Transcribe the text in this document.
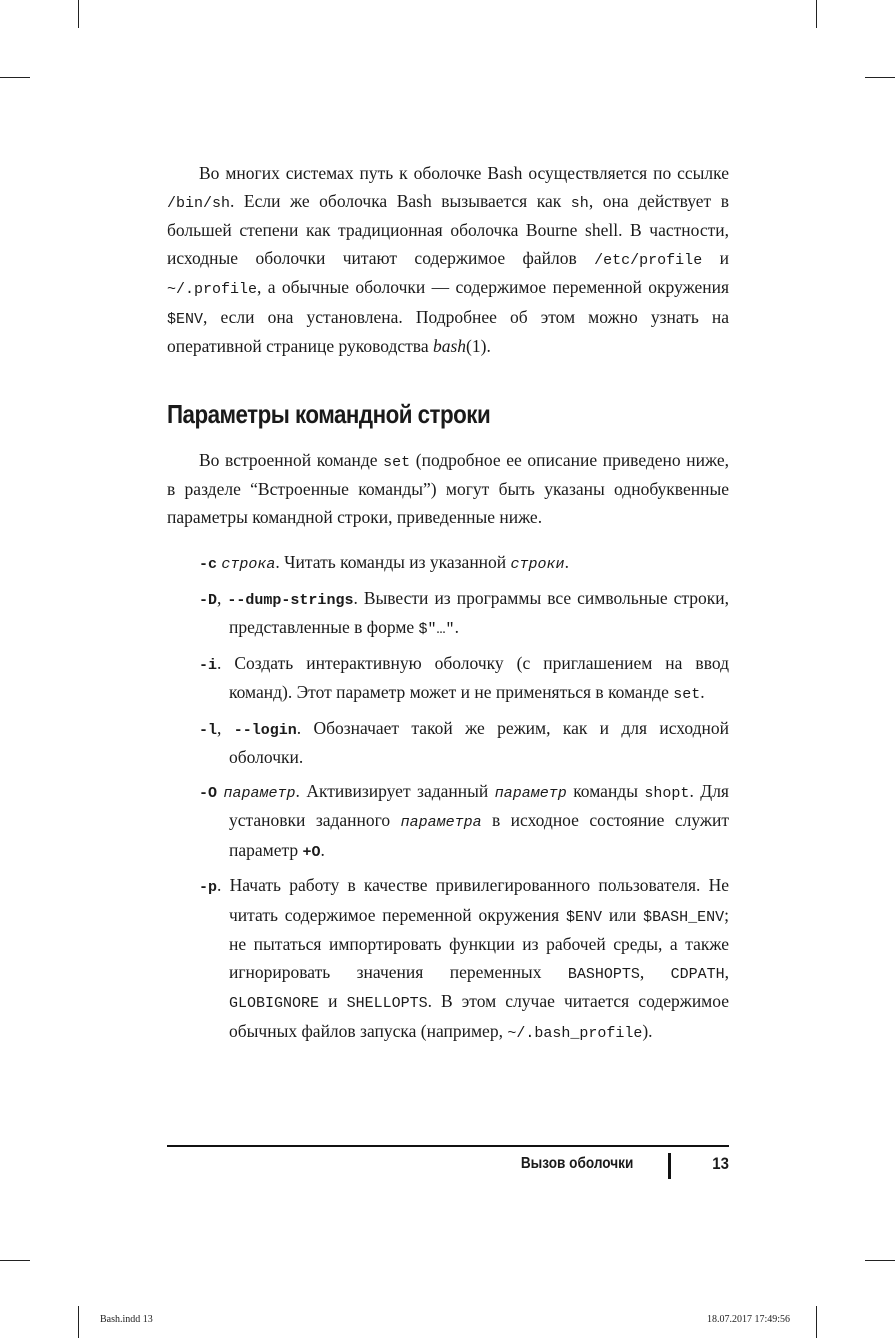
Во многих системах путь к оболочке Bash осуществляется по ссылке /bin/sh. Если же оболочка Bash вызывается как sh, она действует в большей степени как традиционная оболочка Bourne shell. В частности, исходные оболочки читают содержимое файлов /etc/profile и ~/.profile, а обычные оболочки — содержимое переменной окружения $ENV, если она установлена. Подробнее об этом можно узнать на оперативной странице руководства bash(1).

Параметры командной строки

Во встроенной команде set (подробное ее описание приведено ниже, в разделе “Встроенные команды”) могут быть указаны однобуквенные параметры командной строки, приведенные ниже.

-c строка. Читать команды из указанной строки.

-D, --dump-strings. Вывести из программы все символьные строки, представленные в форме $"…".

-i. Создать интерактивную оболочку (с приглашением на ввод команд). Этот параметр может и не применяться в команде set.

-l, --login. Обозначает такой же режим, как и для исходной оболочки.

-O параметр. Активизирует заданный параметр команды shopt. Для установки заданного параметра в исходное состояние служит параметр +O.

-p. Начать работу в качестве привилегированного пользователя. Не читать содержимое переменной окружения $ENV или $BASH_ENV; не пытаться импортировать функции из рабочей среды, а также игнорировать значения переменных BASHOPTS, CDPATH, GLOBIGNORE и SHELLOPTS. В этом случае читается содержимое обычных файлов запуска (например, ~/.bash_profile).

Вызов оболочки	13
Bash.indd 13	18.07.2017 17:49:56
